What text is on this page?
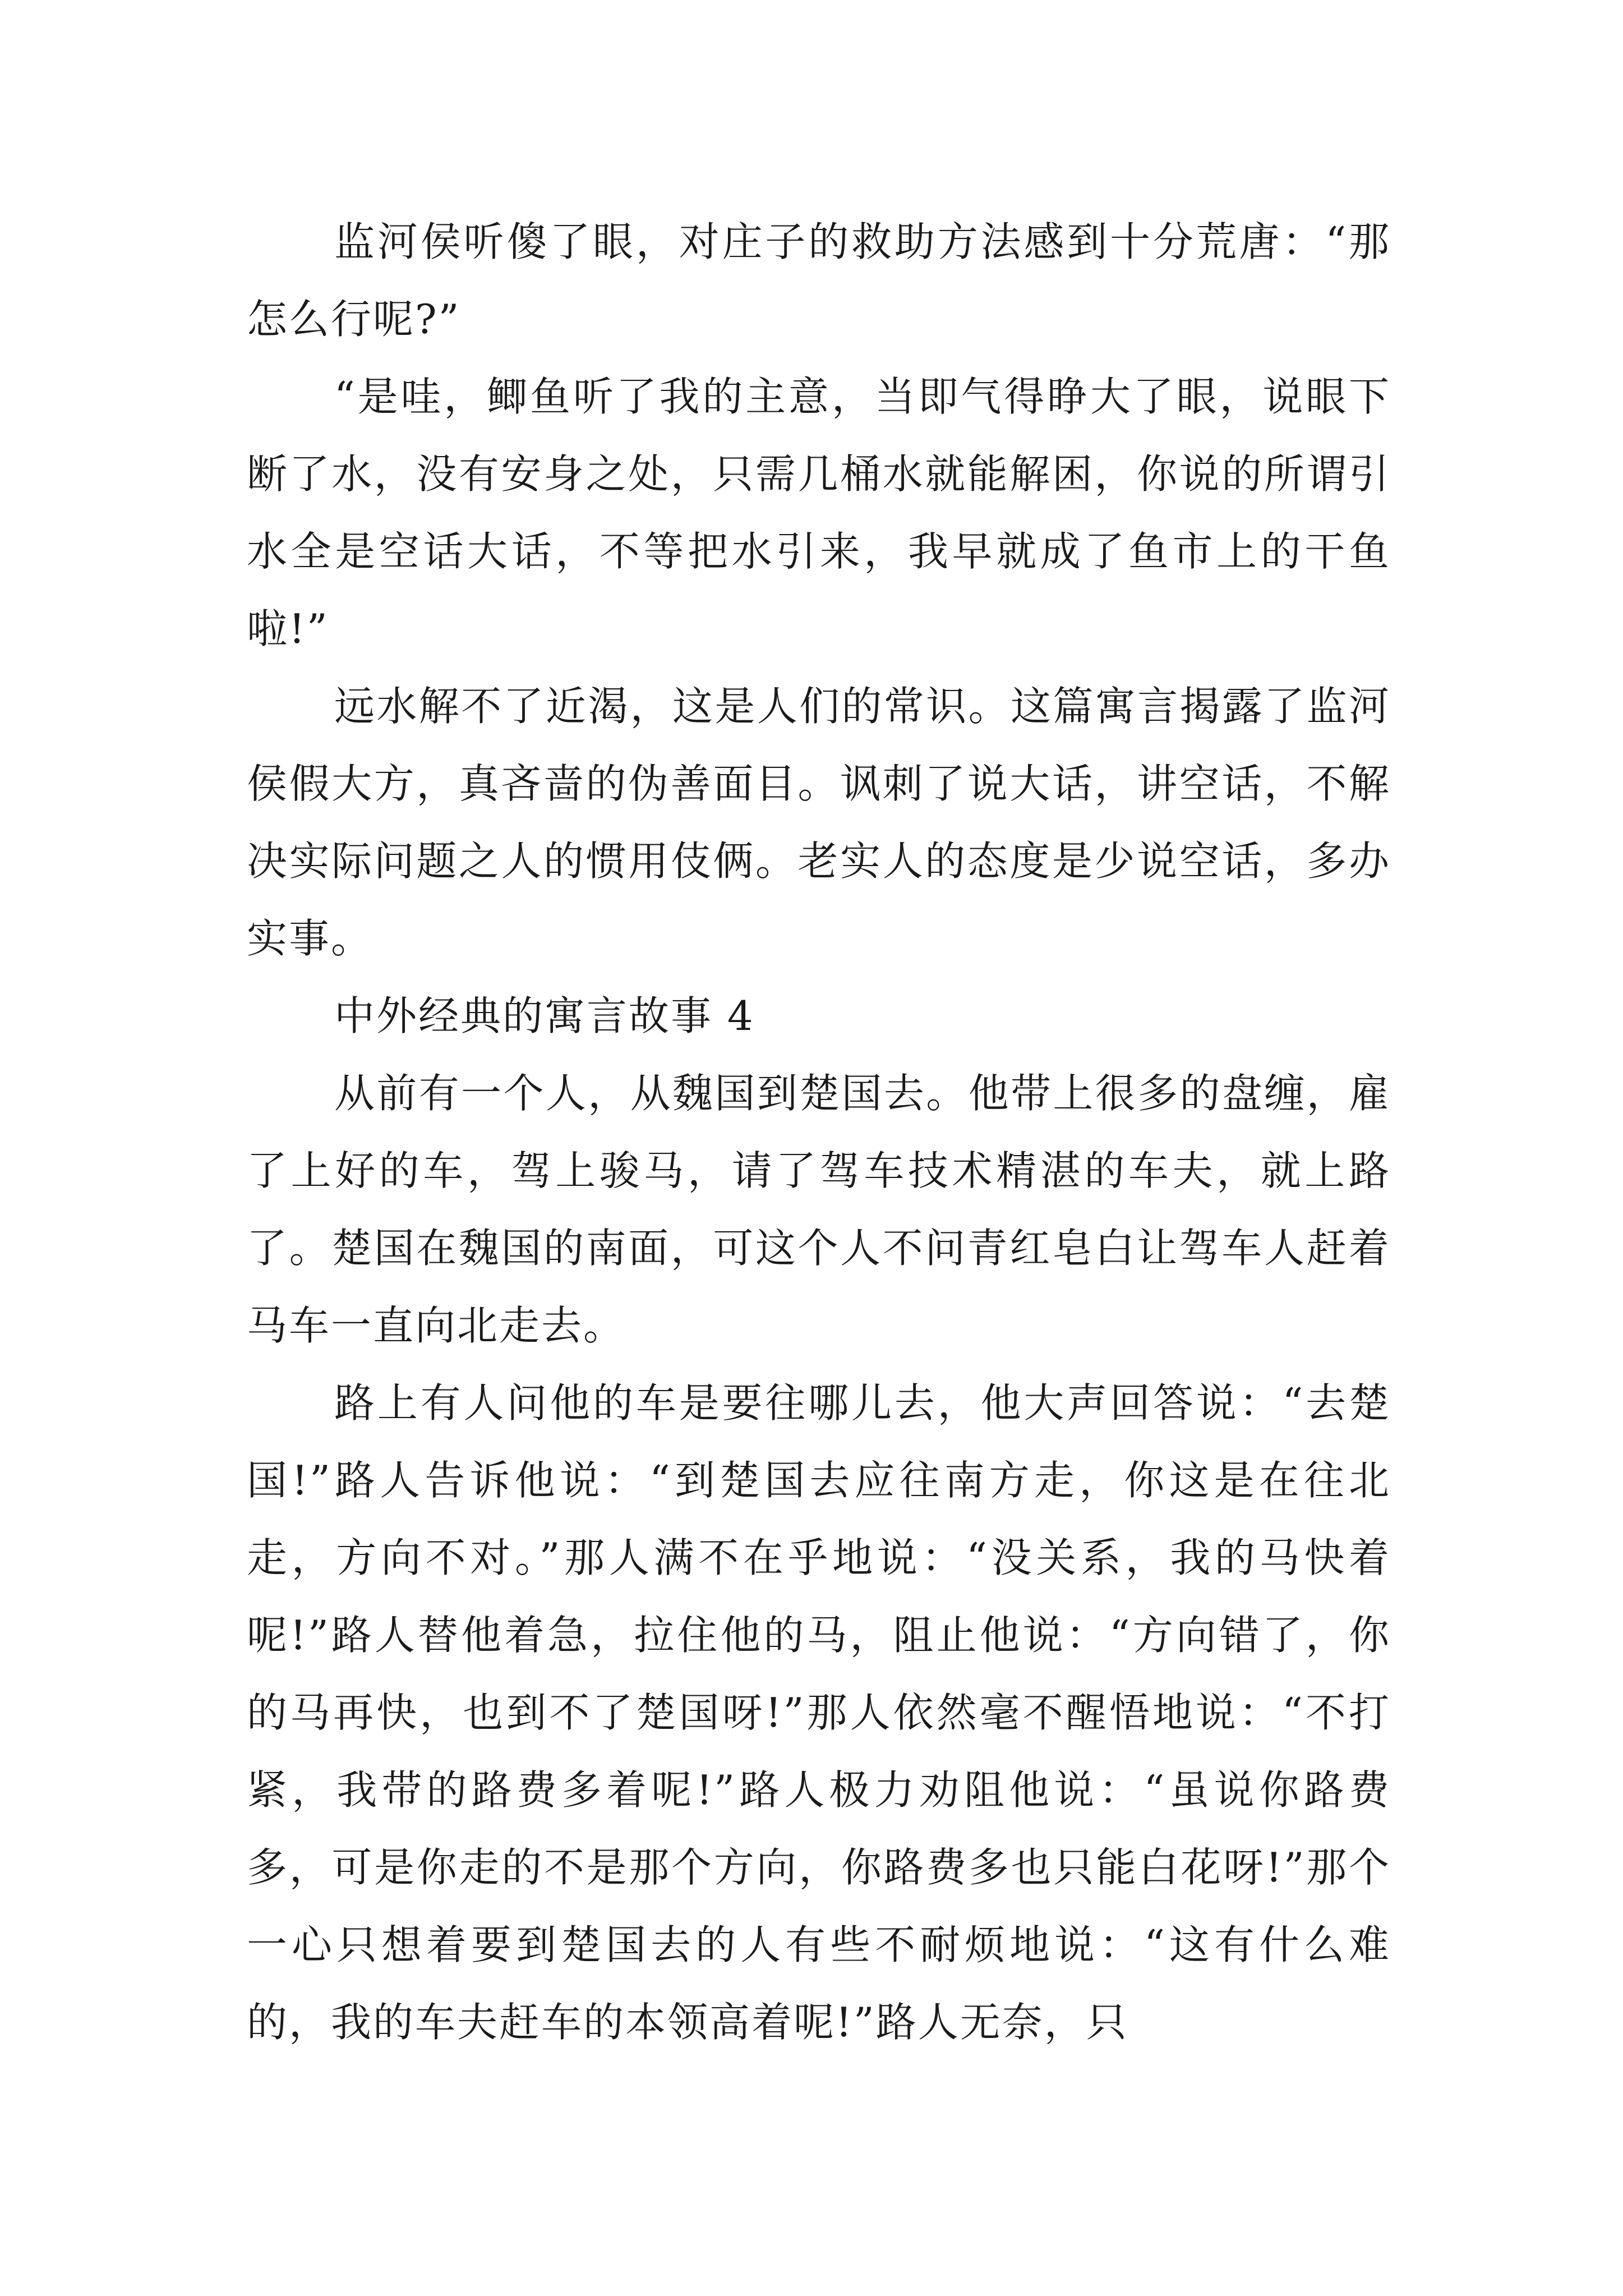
监河侯听傻了眼，对庄子的救助方法感到十分荒唐：“那怎么行呢?”

“是哇，鲫鱼听了我的主意，当即气得睁大了眼，说眼下断了水，没有安身之处，只需几桶水就能解困，你说的所谓引水全是空话大话，不等把水引来，我早就成了鱼市上的干鱼啦!”

远水解不了近渴，这是人们的常识。这篇寓言揭露了监河侯假大方，真吝啬的伪善面目。讽刺了说大话，讲空话，不解决实际问题之人的惯用伎俩。老实人的态度是少说空话，多办实事。

中外经典的寓言故事 4

从前有一个人，从魏国到楚国去。他带上很多的盘缠，雇了上好的车，驾上骏马，请了驾车技术精湛的车夫，就上路了。楚国在魏国的南面，可这个人不问青红皂白让驾车人赶着马车一直向北走去。

路上有人问他的车是要往哪儿去，他大声回答说：“去楚国!”路人告诉他说：“到楚国去应往南方走，你这是在往北走，方向不对。”那人满不在乎地说：“没关系，我的马快着呢!”路人替他着急，拉住他的马，阻止他说：“方向错了，你的马再快，也到不了楚国呀!”那人依然毫不醒悟地说：“不打紧，我带的路费多着呢!”路人极力劝阻他说：“虽说你路费多，可是你走的不是那个方向，你路费多也只能白花呀!”那个一心只想着要到楚国去的人有些不耐烦地说：“这有什么难的，我的车夫赶车的本领高着呢!”路人无奈，只
